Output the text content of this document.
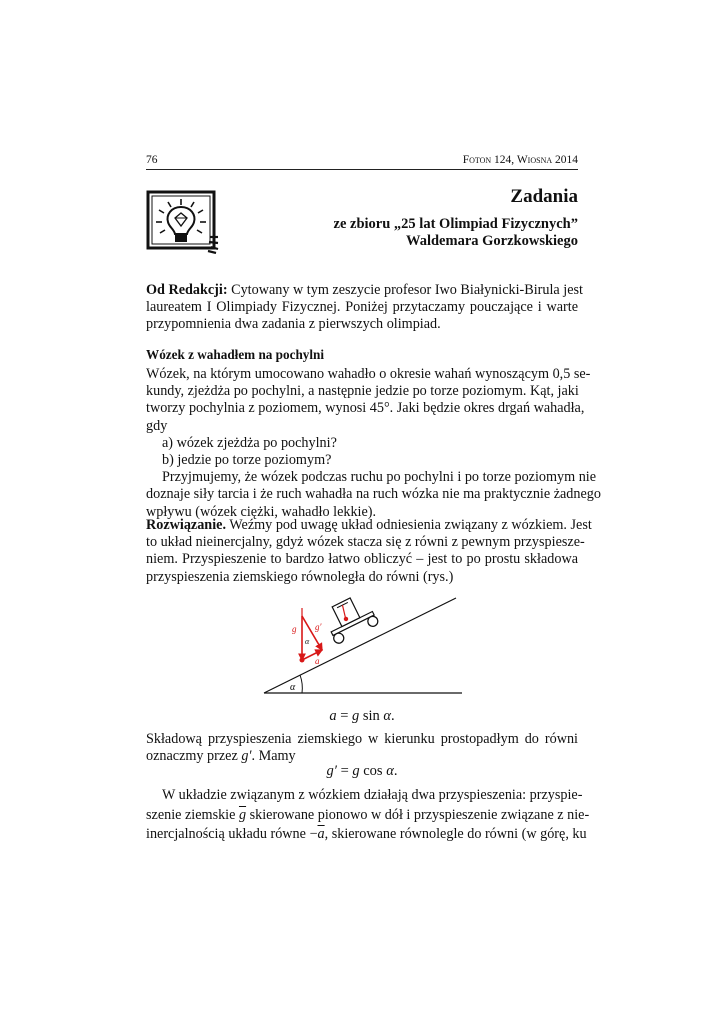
76	Foton 124, Wiosna 2014
Zadania
ze zbioru „25 lat Olimpiad Fizycznych”
Waldemara Gorzkowskiego
Od Redakcji: Cytowany w tym zeszycie profesor Iwo Białynicki-Birula jest
laureatem I Olimpiady Fizycznej. Poniżej przytaczamy pouczające i warte
przypomnienia dwa zadania z pierwszych olimpiad.
Wózek z wahadłem na pochylni
Wózek, na którym umocowano wahadło o okresie wahań wynoszącym 0,5 se-
kundy, zjeżdża po pochylni, a następnie jedzie po torze poziomym. Kąt, jaki
tworzy pochylnia z poziomem, wynosi 45°. Jaki będzie okres drgań wahadła,
gdy
a) wózek zjeżdża po pochylni?
b) jedzie po torze poziomym?
Przyjmujemy, że wózek podczas ruchu po pochylni i po torze poziomym nie
doznaje siły tarcia i że ruch wahadła na ruch wózka nie ma praktycznie żadnego
wpływu (wózek ciężki, wahadło lekkie).
Rozwiązanie. Weźmy pod uwagę układ odniesienia związany z wózkiem. Jest
to układ nieinercjalny, gdyż wózek stacza się z równi z pewnym przyspiesze-
niem. Przyspieszenie to bardzo łatwo obliczyć – jest to po prostu składowa
przyspieszenia ziemskiego równoległa do równi (rys.)
α
g g′
a
α
a = g sin α.
Składową przyspieszenia ziemskiego w kierunku prostopadłym do równi
oznaczmy przez g′. Mamy
g′ = g cos α.
W układzie związanym z wózkiem działają dwa przyspieszenia: przyspie-
szenie ziemskie $\overline{g}$ skierowane pionowo w dół i przyspieszenie związane z nie-
inercjalnością układu równe $-\overline{a}$, skierowane równolegle do równi (w górę, ku
